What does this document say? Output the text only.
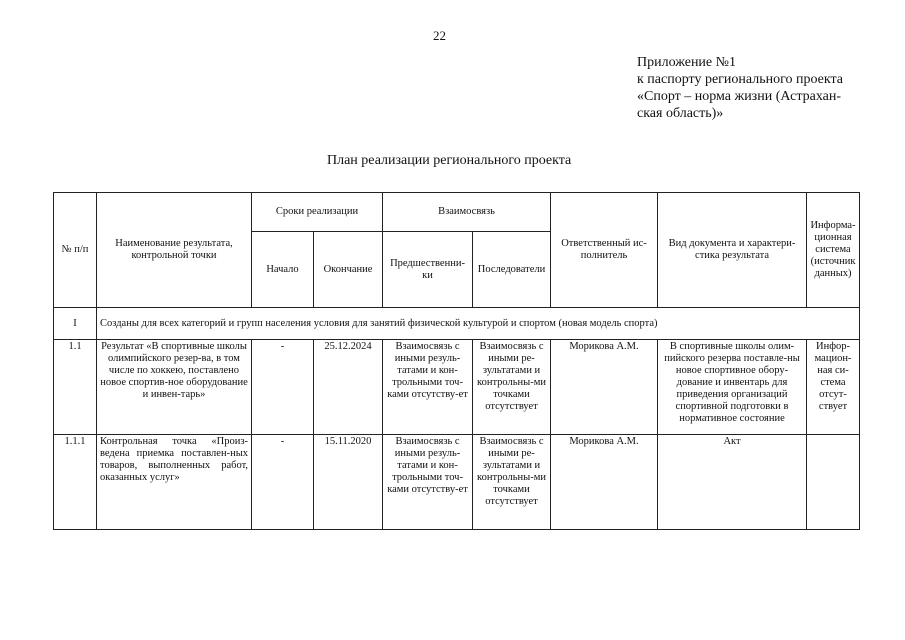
22
Приложение №1
к паспорту регионального проекта
«Спорт – норма жизни (Астрахан-
ская область)»
План реализации регионального проекта
№ п/п	Наименование результата, контрольной точки	Сроки реализации		Взаимосвязь		Ответственный ис-полнитель	Вид документа и характери-стика результата	Информа-ционная система (источник данных)
		Начало	Окончание	Предшественни-ки	Последователи			
I	Созданы для всех категорий и групп населения условия для занятий физической культурой и спортом (новая модель спорта)							
1.1	Результат «В спортивные школы олимпийского резер-ва, в том числе по хоккею, поставлено новое спортив-ное оборудование и инвен-тарь»	-	25.12.2024	Взаимосвязь с иными резуль-татами и кон-трольными точ-ками отсутству-ет	Взаимосвязь с иными ре-зультатами и контрольны-ми точками отсутствует	Морикова А.М.	В спортивные школы олим-пийского резерва поставле-ны новое спортивное обору-дование и инвентарь для приведения организаций спортивной подготовки в нормативное состояние	Инфор-мацион-ная си-стема отсут-ствует
1.1.1	Контрольная точка «Произ-ведена приемка поставлен-ных товаров, выполненных работ, оказанных услуг»	-	15.11.2020	Взаимосвязь с иными резуль-татами и кон-трольными точ-ками отсутству-ет	Взаимосвязь с иными ре-зультатами и контрольны-ми точками отсутствует	Морикова А.М.	Акт	
